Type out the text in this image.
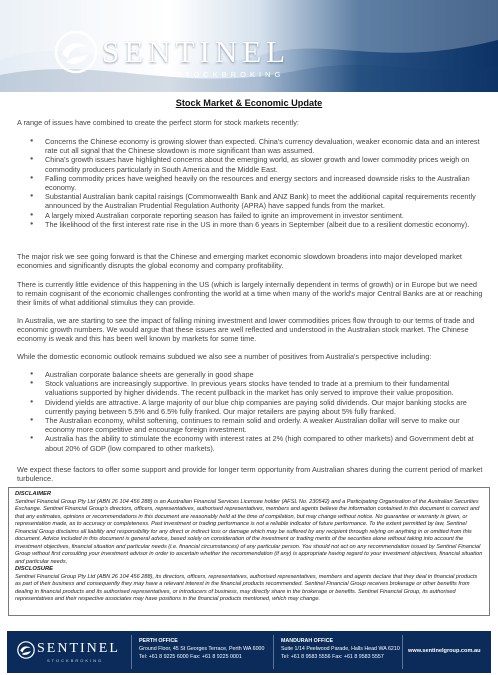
SENTINEL
STOCKBROKING
Stock Market & Economic Update
A range of issues have combined to create the perfect storm for stock markets recently:
● Concerns the Chinese economy is growing slower than expected. China's currency devaluation, weaker economic data and an interest rate cut all signal that the Chinese slowdown is more significant than was assumed.
● China's growth issues have highlighted concerns about the emerging world, as slower growth and lower commodity prices weigh on commodity producers particularly in South America and the Middle East.
● Falling commodity prices have weighed heavily on the resources and energy sectors and increased downside risks to the Australian economy.
● Substantial Australian bank capital raisings (Commonwealth Bank and ANZ Bank) to meet the additional capital requirements recently announced by the Australian Prudential Regulation Authority (APRA) have sapped funds from the market.
● A largely mixed Australian corporate reporting season has failed to ignite an improvement in investor sentiment.
● The likelihood of the first interest rate rise in the US in more than 6 years in September (albeit due to a resilient domestic economy).
The major risk we see going forward is that the Chinese and emerging market economic slowdown broadens into major developed market economies and significantly disrupts the global economy and company profitability.
There is currently little evidence of this happening in the US (which is largely internally dependent in terms of growth) or in Europe but we need to remain cognisant of the economic challenges confronting the world at a time when many of the world's major Central Banks are at or reaching their limits of what additional stimulus they can provide.
In Australia, we are starting to see the impact of falling mining investment and lower commodities prices flow through to our terms of trade and economic growth numbers. We would argue that these issues are well reflected and understood in the Australian stock market. The Chinese economy is weak and this has been well known by markets for some time.
While the domestic economic outlook remains subdued we also see a number of positives from Australia's perspective including:
● Australian corporate balance sheets are generally in good shape
● Stock valuations are increasingly supportive. In previous years stocks have tended to trade at a premium to their fundamental valuations supported by higher dividends. The recent pullback in the market has only served to improve their value proposition.
● Dividend yields are attractive. A large majority of our blue chip companies are paying solid dividends. Our major banking stocks are currently paying between 5.5% and 6.5% fully franked. Our major retailers are paying about 5% fully franked.
● The Australian economy, whilst softening, continues to remain solid and orderly. A weaker Australian dollar will serve to make our economy more competitive and encourage foreign investment.
● Australia has the ability to stimulate the economy with interest rates at 2% (high compared to other markets) and Government debt at about 20% of GDP (low compared to other markets).
We expect these factors to offer some support and provide for longer term opportunity from Australian shares during the current period of market turbulence.
DISCLAIMER

Sentinel Financial Group Pty Ltd (ABN 26 104 456 288) is an Australian Financial Services Licensee holder (AFSL No. 230542) and a Participating Organisation of the Australian Securities Exchange. Sentinel Financial Group's directors, officers, representatives, authorised representatives, members and agents believe the information contained in this document is correct and that any estimates, opinions or recommendations in this document are reasonably held at the time of compilation, but may change without notice. No guarantee or warranty is given, or representation made, as to accuracy or completeness. Past investment or trading performance is not a reliable indicator of future performance. To the extent permitted by law, Sentinel Financial Group disclaims all liability and responsibility for any direct or indirect loss or damage which may be suffered by any recipient through relying on anything in or omitted from this document. Advice included in this document is general advice, based solely on consideration of the investment or trading merits of the securities alone without taking into account the investment objectives, financial situation and particular needs (i.e. financial circumstances) of any particular person. You should not act on any recommendation issued by Sentinel Financial Group without first consulting your investment advisor in order to ascertain whether the recommendation (if any) is appropriate having regard to your investment objectives, financial situation and particular needs.

DISCLOSURE

Sentinel Financial Group Pty Ltd (ABN 26 104 456 288), its directors, officers, representatives, authorised representatives, members and agents declare that they deal in financial products as part of their business and consequently they may have a relevant interest in the financial products recommended. Sentinel Financial Group receives brokerage or other benefits from dealing in financial products and its authorised representatives, or introducers of business, may directly share in the brokerage or benefits. Sentinel Financial Group, its authorised representatives and their respective associates may have positions in the financial products mentioned, which may change.

SENTINEL
STOCKBROKING
PERTH OFFICE
Ground Floor, 45 St Georges Terrace, Perth WA 6000
Tel: +61 8 9225 6000 Fax: +61 8 9225 0001
MANDURAH OFFICE
Suite 1/14 Peelwood Parade, Halls Head WA 6210
Tel: +61 8 9583 5556 Fax: +61 8 9583 5557
www.sentinelgroup.com.au
